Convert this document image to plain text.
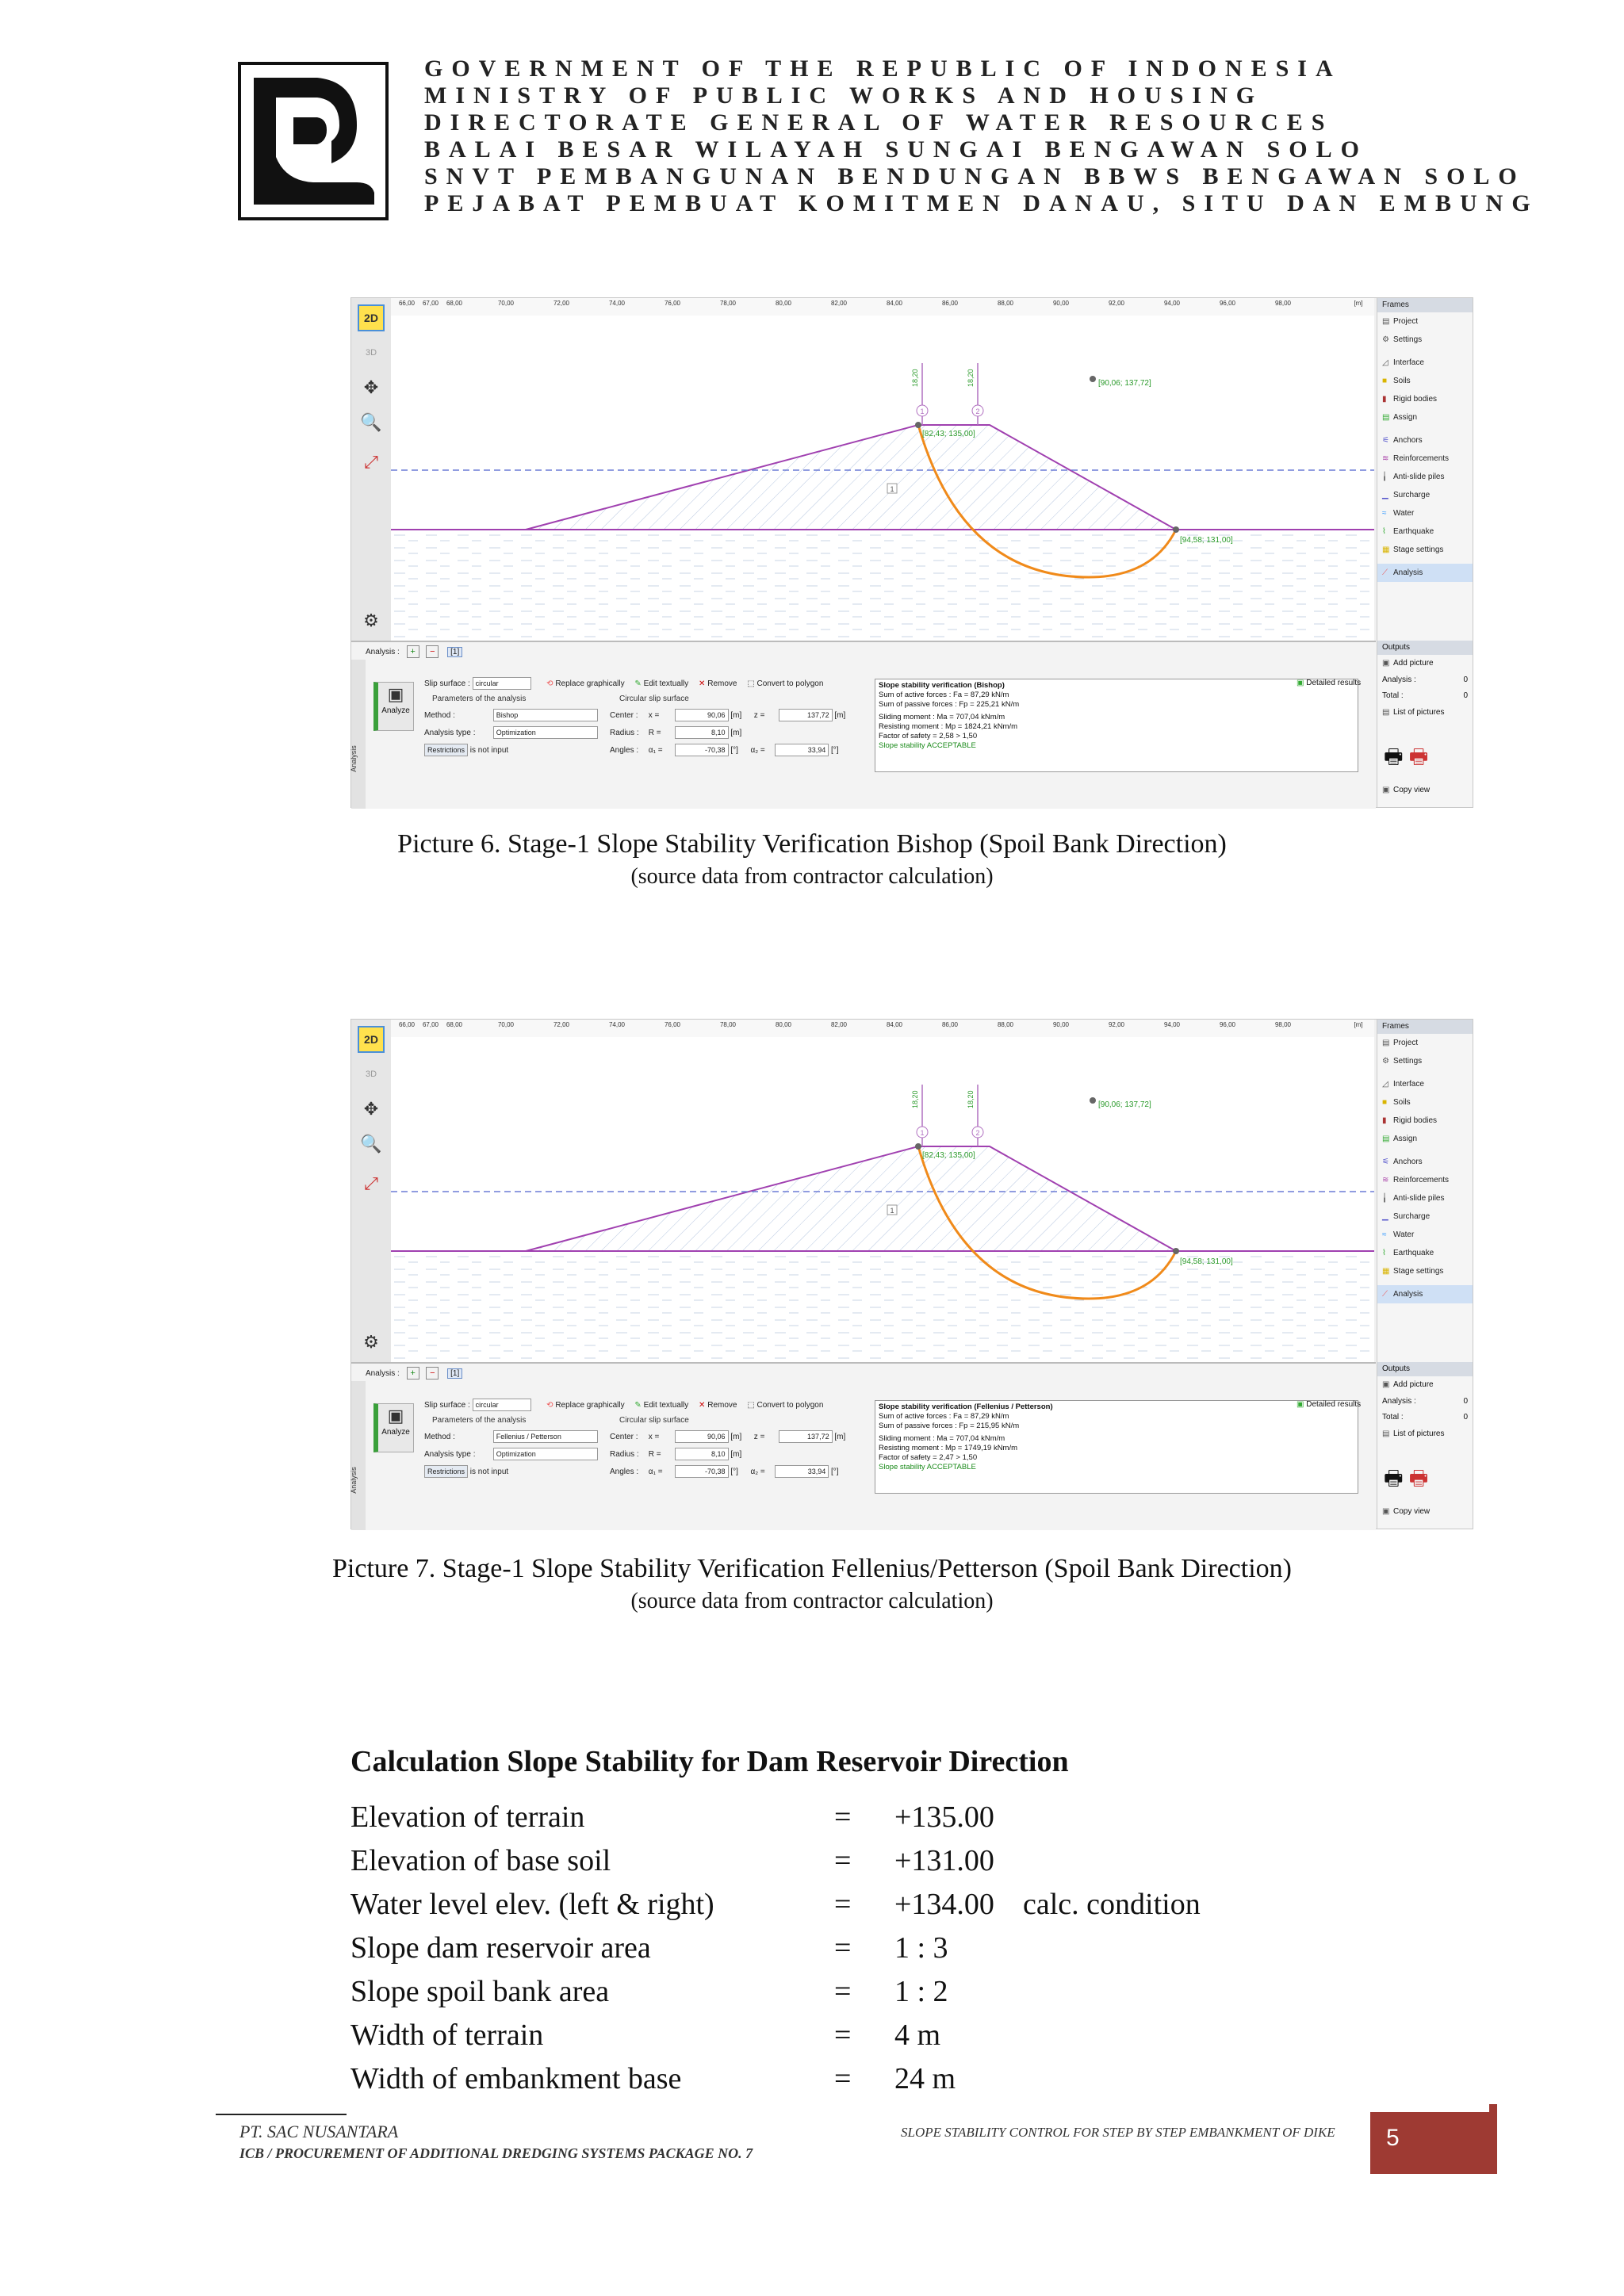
GOVERNMENT OF THE REPUBLIC OF INDONESIA
MINISTRY OF PUBLIC WORKS AND HOUSING
DIRECTORATE GENERAL OF WATER RESOURCES
BALAI BESAR WILAYAH SUNGAI BENGAWAN SOLO
SNVT PEMBANGUNAN BENDUNGAN BBWS BENGAWAN SOLO
PEJABAT PEMBUAT KOMITMEN DANAU, SITU DAN EMBUNG
2D
3D
✥
🔍
⤢
⚙
66,00 67,00 68,00	70,00	72,00	74,00	76,00	78,00	80,00	82,00	84,00	86,00	88,00	90,00	92,00	94,00	96,00	98,00	[m]
1	2
18,20	18,20
1
[90,06; 137,72]
[82,43; 135,00]
[94,58; 131,00]
Frames
▤ Project
⚙ Settings
◿ Interface
■ Soils
▮ Rigid bodies
▤ Assign
⚟ Anchors
≋ Reinforcements
╽ Anti-slide piles
▁ Surcharge
≈ Water
⌇ Earthquake
▦ Stage settings
⟋ Analysis
Analysis
Analysis : + − [1]
▣
Analyze
Slip surface : circular	⟲ Replace graphically ✎ Edit textually ✕ Remove ⬚ Convert to polygon
Parameters of the analysis	Circular slip surface
Method :	Bishop
Analysis type :	Optimization
Restrictions is not input
Center : x =	90,06 [m] z =	137,72 [m]
Radius : R =	8,10 [m]
Angles : α₁ =	-70,38 [°] α₂ =	33,94 [°]
Slope stability verification (Bishop)
Sum of active forces : Fa = 87,29 kN/m
Sum of passive forces : Fp = 225,21 kN/m
Sliding moment : Ma = 707,04 kNm/m
Resisting moment : Mp = 1824,21 kNm/m
Factor of safety = 2,58 > 1,50
Slope stability ACCEPTABLE
▣ Detailed results
Outputs
▣ Add picture
Analysis :	0
Total :	0
▤ List of pictures
🖶 🖶
▣ Copy view
Picture 6. Stage-1 Slope Stability Verification Bishop (Spoil Bank Direction)
(source data from contractor calculation)
2D
3D
✥
🔍
⤢
⚙
66,00 67,00 68,00	70,00	72,00	74,00	76,00	78,00	80,00	82,00	84,00	86,00	88,00	90,00	92,00	94,00	96,00	98,00	[m]
1	2
18,20	18,20
1
[90,06; 137,72]
[82,43; 135,00]
[94,58; 131,00]
Frames
▤ Project
⚙ Settings
◿ Interface
■ Soils
▮ Rigid bodies
▤ Assign
⚟ Anchors
≋ Reinforcements
╽ Anti-slide piles
▁ Surcharge
≈ Water
⌇ Earthquake
▦ Stage settings
⟋ Analysis
Analysis
Analysis : + − [1]
▣
Analyze
Slip surface : circular	⟲ Replace graphically ✎ Edit textually ✕ Remove ⬚ Convert to polygon
Parameters of the analysis	Circular slip surface
Method :	Fellenius / Petterson
Analysis type :	Optimization
Restrictions is not input
Center : x =	90,06 [m] z =	137,72 [m]
Radius : R =	8,10 [m]
Angles : α₁ =	-70,38 [°] α₂ =	33,94 [°]
Slope stability verification (Fellenius / Petterson)
Sum of active forces : Fa = 87,29 kN/m
Sum of passive forces : Fp = 215,95 kN/m
Sliding moment : Ma = 707,04 kNm/m
Resisting moment : Mp = 1749,19 kNm/m
Factor of safety = 2,47 > 1,50
Slope stability ACCEPTABLE
▣ Detailed results
Outputs
▣ Add picture
Analysis :	0
Total :	0
▤ List of pictures
🖶 🖶
▣ Copy view
Picture 7. Stage-1 Slope Stability Verification Fellenius/Petterson (Spoil Bank Direction)
(source data from contractor calculation)
Calculation Slope Stability for Dam Reservoir Direction
Elevation of terrain	=	+135.00
Elevation of base soil	=	+131.00
Water level elev. (left & right)	=	+134.00 calc. condition
Slope dam reservoir area	=	1 : 3
Slope spoil bank area	=	1 : 2
Width of terrain	=	4 m
Width of embankment base	=	24 m
PT. SAC NUSANTARA
ICB / PROCUREMENT OF ADDITIONAL DREDGING SYSTEMS PACKAGE NO. 7
SLOPE STABILITY CONTROL FOR STEP BY STEP EMBANKMENT OF DIKE 5
